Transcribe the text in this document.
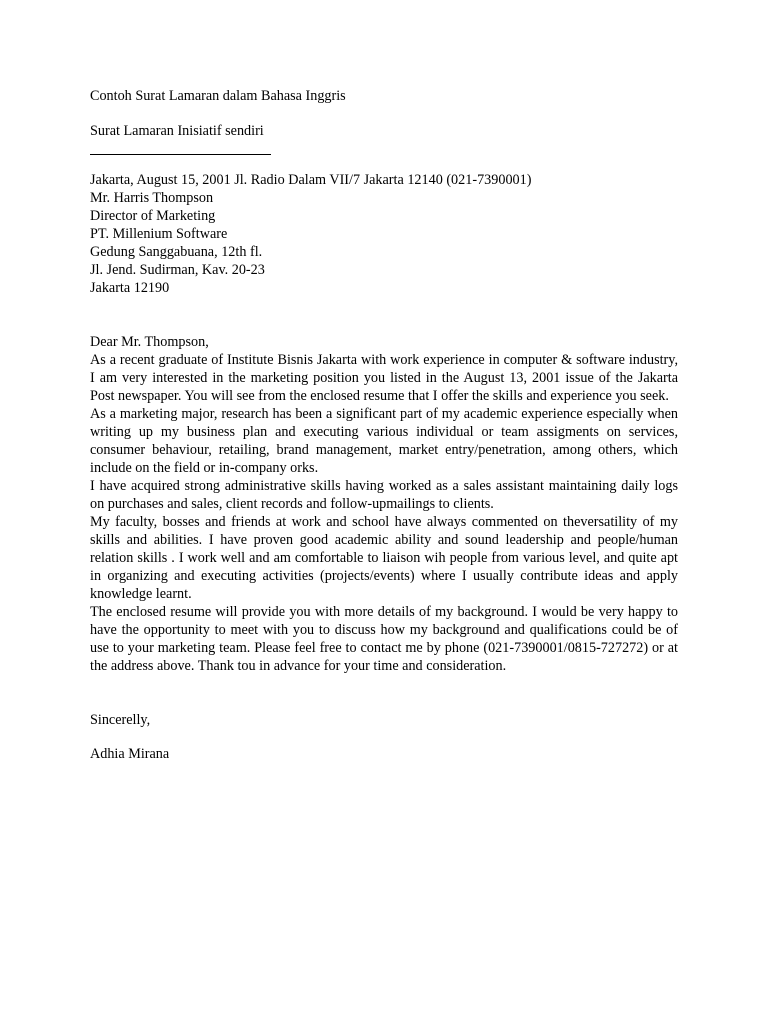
Contoh Surat Lamaran dalam Bahasa Inggris
Surat Lamaran Inisiatif sendiri
Jakarta, August 15, 2001 Jl. Radio Dalam VII/7 Jakarta 12140 (021-7390001)
Mr. Harris Thompson
Director of Marketing
PT. Millenium Software
Gedung Sanggabuana, 12th fl.
Jl. Jend. Sudirman, Kav. 20-23
Jakarta 12190
Dear Mr. Thompson,

As a recent graduate of Institute Bisnis Jakarta with work experience in computer & software industry, I am very interested in the marketing position you listed in the August 13, 2001 issue of the Jakarta Post newspaper. You will see from the enclosed resume that I offer the skills and experience you seek.

As a marketing major, research has been a significant part of my academic experience especially when writing up my business plan and executing various individual or team assigments on services, consumer behaviour, retailing, brand management, market entry/penetration, among others, which include on the field or in-company orks.

I have acquired strong administrative skills having worked as a sales assistant maintaining daily logs on purchases and sales, client records and follow-upmailings to clients.

My faculty, bosses and friends at work and school have always commented on theversatility of my skills and abilities. I have proven good academic ability and sound leadership and people/human relation skills . I work well and am comfortable to liaison wih people from various level, and quite apt in organizing and executing activities (projects/events) where I usually contribute ideas and apply knowledge learnt.

The enclosed resume will provide you with more details of my background. I would be very happy to have the opportunity to meet with you to discuss how my background and qualifications could be of use to your marketing team. Please feel free to contact me by phone (021-7390001/0815-727272) or at the address above. Thank tou in advance for your time and consideration.

Sincerelly,
Adhia Mirana
